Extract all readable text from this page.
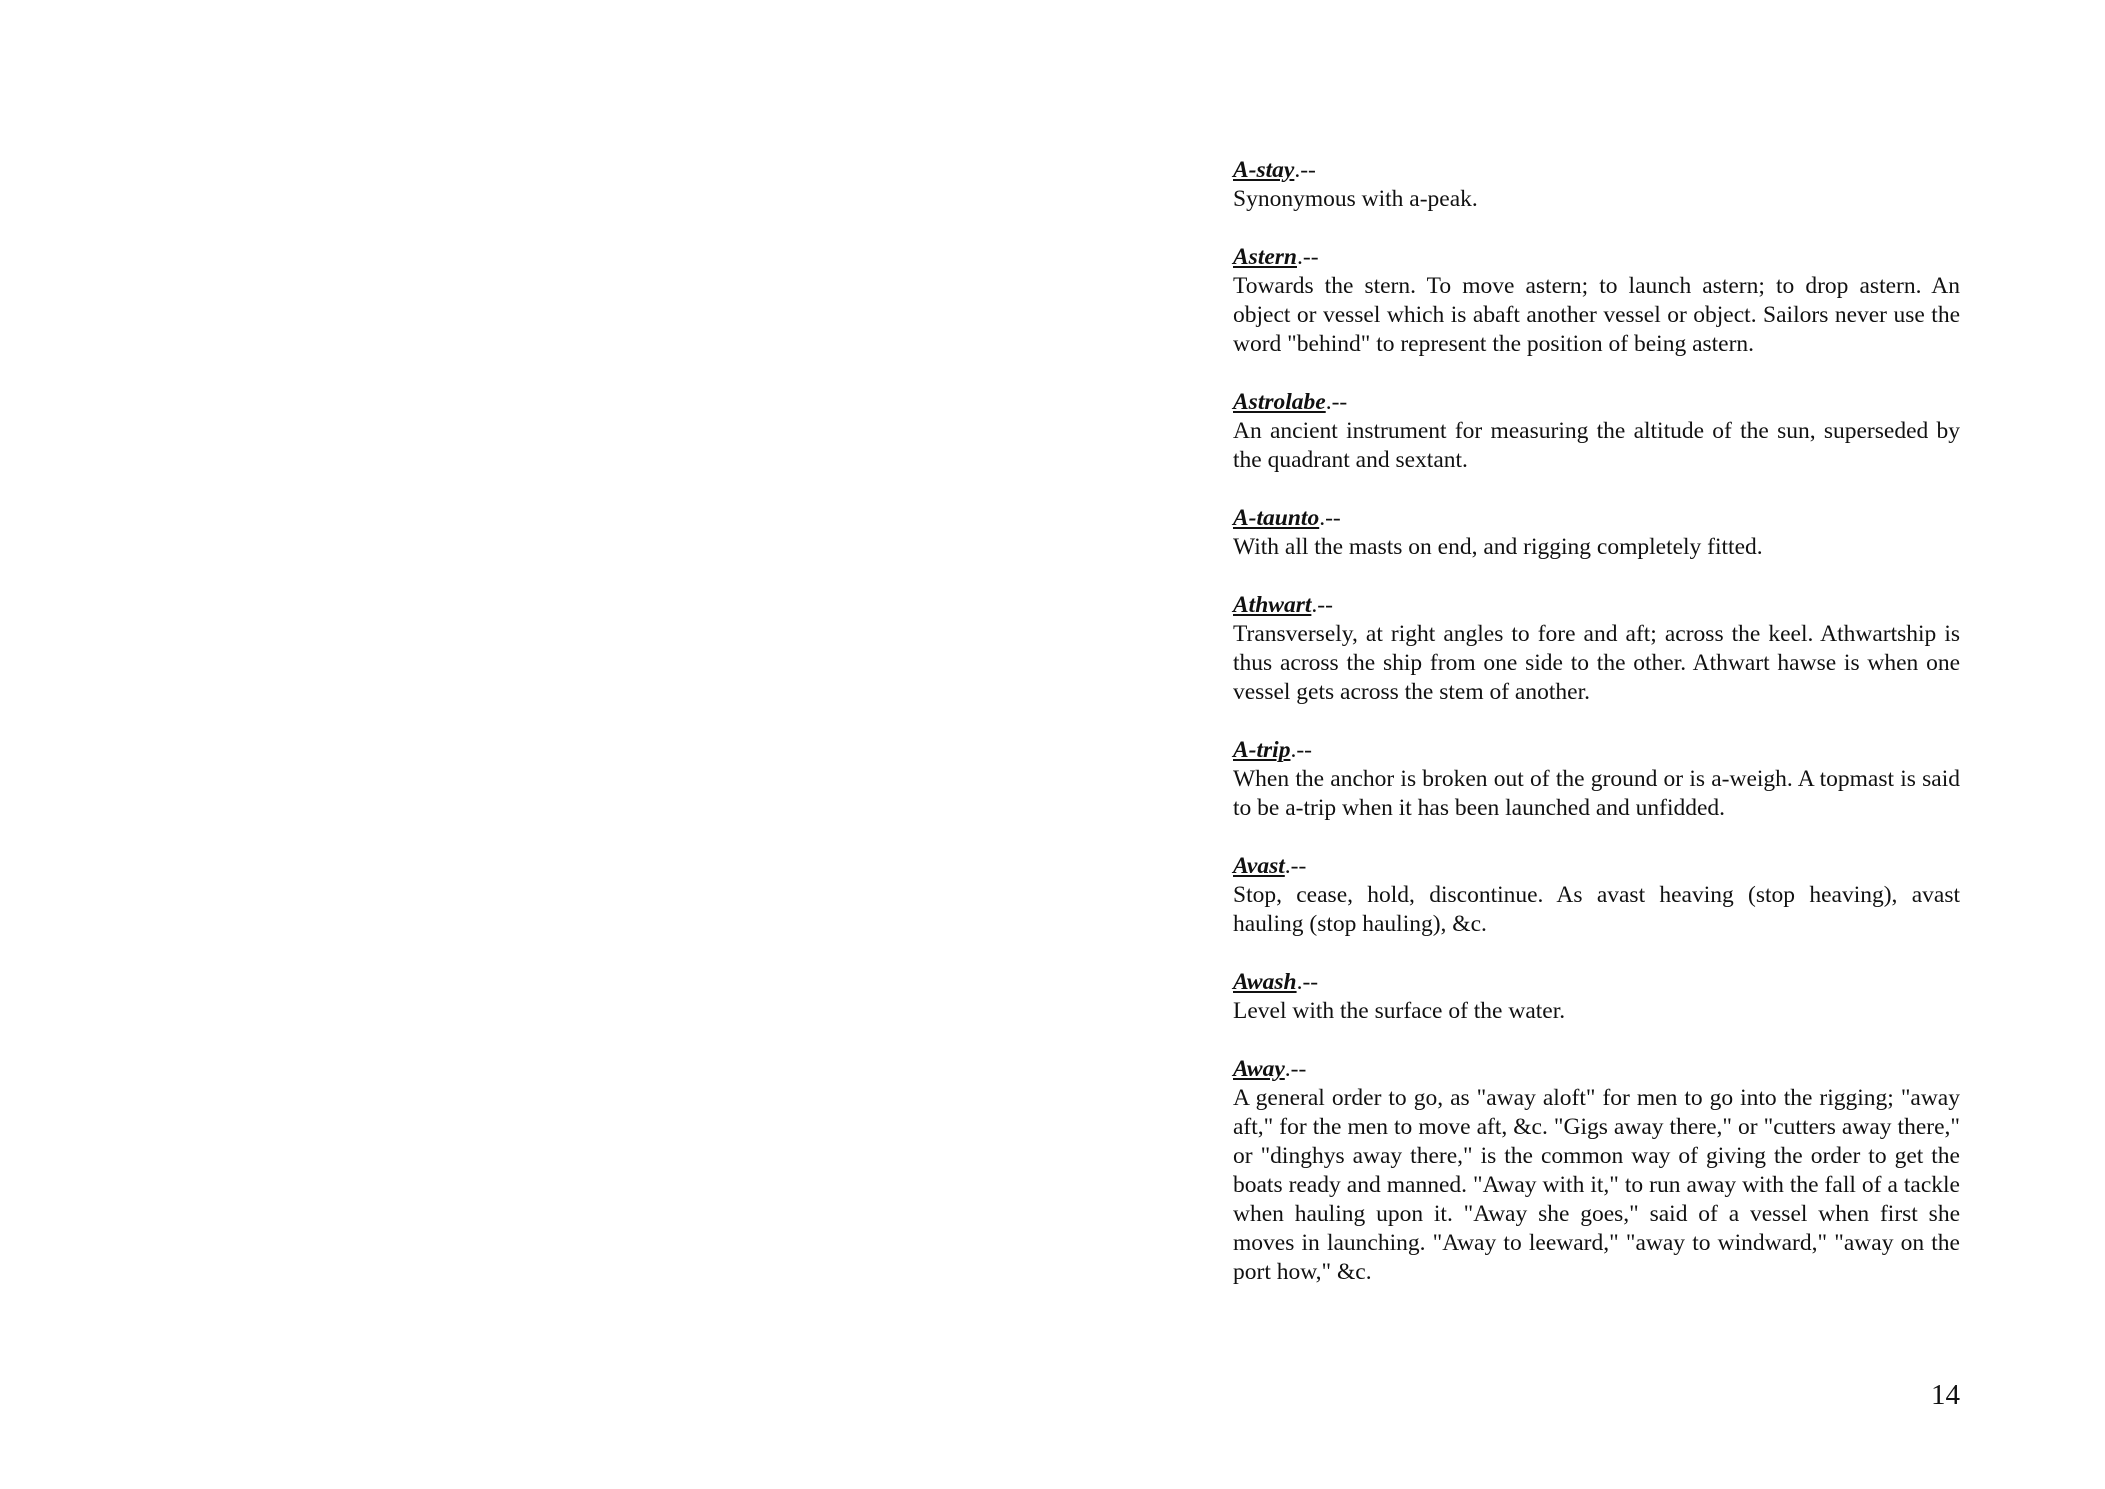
A-stay.--

Synonymous with a-peak.

Astern.--

Towards the stern. To move astern; to launch astern; to drop astern. An object or vessel which is abaft another vessel or object. Sailors never use the word "behind" to represent the position of being astern.

Astrolabe.--

An ancient instrument for measuring the altitude of the sun, superseded by the quadrant and sextant.

A-taunto.--

With all the masts on end, and rigging completely fitted.

Athwart.--

Transversely, at right angles to fore and aft; across the keel. Athwartship is thus across the ship from one side to the other. Athwart hawse is when one vessel gets across the stem of another.

A-trip.--

When the anchor is broken out of the ground or is a-weigh. A topmast is said to be a-trip when it has been launched and unfidded.

Avast.--

Stop, cease, hold, discontinue. As avast heaving (stop heaving), avast hauling (stop hauling), &c.

Awash.--

Level with the surface of the water.

Away.--

A general order to go, as "away aloft" for men to go into the rigging; "away aft," for the men to move aft, &c. "Gigs away there," or "cutters away there," or "dinghys away there," is the common way of giving the order to get the boats ready and manned. "Away with it," to run away with the fall of a tackle when hauling upon it. "Away she goes," said of a vessel when first she moves in launching. "Away to leeward," "away to windward," "away on the port how," &c.

14
